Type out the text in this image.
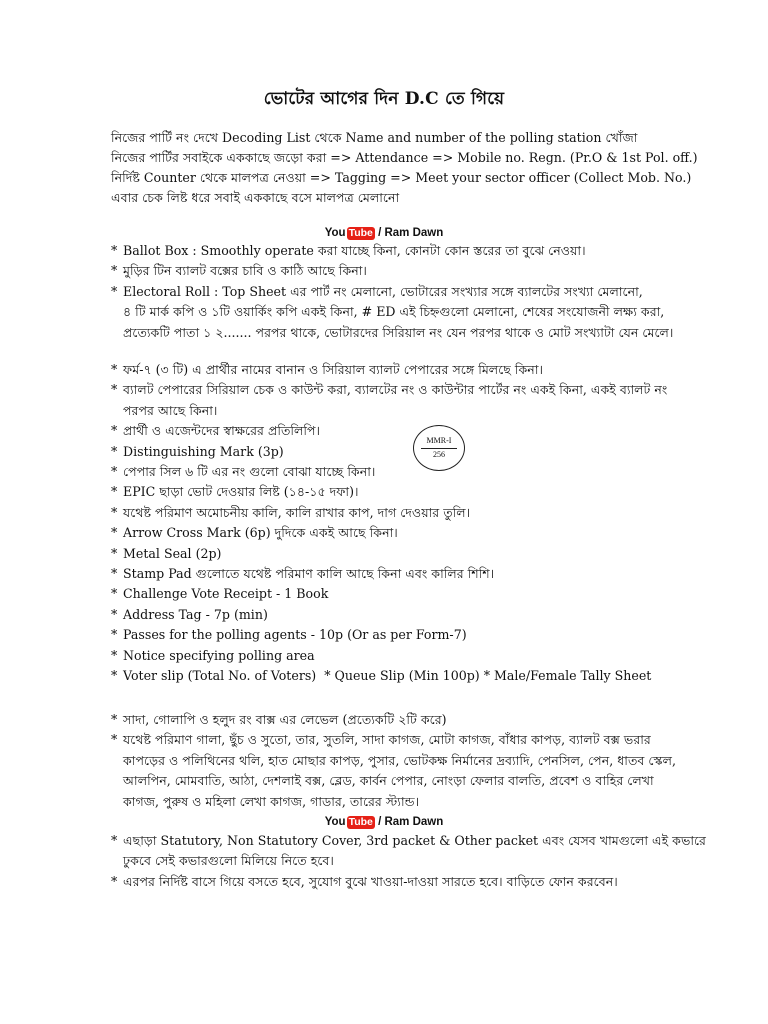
ভোটের আগের দিন D.C তে গিয়ে
নিজের পার্টি নং দেখে Decoding List থেকে Name and number of the polling station খোঁজা
নিজের পার্টির সবাইকে এককাছে জড়ো করা => Attendance => Mobile no. Regn. (Pr.O & 1st Pol. off.)
নির্দিষ্ট Counter থেকে মালপত্র নেওয়া => Tagging => Meet your sector officer (Collect Mob. No.)
এবার চেক লিষ্ট ধরে সবাই এককাছে বসে মালপত্র মেলানো
You Tube / Ram Dawn
* Ballot Box : Smoothly operate করা যাচ্ছে কিনা, কোনটা কোন স্তরের তা বুঝে নেওয়া।
* মুড়ির টিন ব্যালট বক্সের চাবি ও কাঠি আছে কিনা।
* Electoral Roll : Top Sheet এর পার্ট নং মেলানো, ভোটারের সংখ্যার সঙ্গে ব্যালটের সংখ্যা মেলানো,
৪ টি মার্ক কপি ও ১টি ওয়ার্কিং কপি একই কিনা, # ED এই চিহ্নগুলো মেলানো, শেষের সংযোজনী লক্ষ্য করা,
প্রত্যেকটি পাতা ১ ২....... পরপর থাকে, ভোটারদের সিরিয়াল নং যেন পরপর থাকে ও মোট সংখ্যাটা যেন মেলে।
* ফর্ম-৭ (৩ টি) এ প্রার্থীর নামের বানান ও সিরিয়াল ব্যালট পেপারের সঙ্গে মিলছে কিনা।
* ব্যালট পেপারের সিরিয়াল চেক ও কাউন্ট করা, ব্যালটের নং ও কাউন্টার পার্টের নং একই কিনা, একই ব্যালট নং
পরপর আছে কিনা।
* প্রার্থী ও এজেন্টদের স্বাক্ষরের প্রতিলিপি।
* Distinguishing Mark (3p)
* পেপার সিল ৬ টি এর নং গুলো বোঝা যাচ্ছে কিনা।
* EPIC ছাড়া ভোট দেওয়ার লিষ্ট (১৪-১৫ দফা)।
* যথেষ্ট পরিমাণ অমোচনীয় কালি, কালি রাখার কাপ, দাগ দেওয়ার তুলি।
* Arrow Cross Mark (6p) দুদিকে একই আছে কিনা।
* Metal Seal (2p)
* Stamp Pad গুলোতে যথেষ্ট পরিমাণ কালি আছে কিনা এবং কালির শিশি।
* Challenge Vote Receipt - 1 Book
* Address Tag - 7p (min)
* Passes for the polling agents - 10p (Or as per Form-7)
* Notice specifying polling area
* Voter slip (Total No. of Voters)  * Queue Slip (Min 100p) * Male/Female Tally Sheet
MMR-I
256
* সাদা, গোলাপি ও হলুদ রং বাক্স এর লেভেল (প্রত্যেকটি ২টি করে)
* যথেষ্ট পরিমাণ গালা, ছুঁচ ও সুতো, তার, সুতলি, সাদা কাগজ, মোটা কাগজ, বাঁধার কাপড়, ব্যালট বক্স ভরার
কাপড়ের ও পলিথিনের থলি, হাত মোছার কাপড়, পুসার, ভোটকক্ষ নির্মানের দ্রব্যাদি, পেনসিল, পেন, ধাতব স্কেল,
আলপিন, মোমবাতি, আঠা, দেশলাই বক্স, ব্লেড, কার্বন পেপার, নোংড়া ফেলার বালতি, প্রবেশ ও বাহির লেখা
কাগজ, পুরুষ ও মহিলা লেখা কাগজ, গাডার, তারের স্ট্যান্ড।
You Tube / Ram Dawn
* এছাড়া Statutory, Non Statutory Cover, 3rd packet & Other packet এবং যেসব খামগুলো এই কভারে
ঢুকবে সেই কভারগুলো মিলিয়ে নিতে হবে।
* এরপর নির্দিষ্ট বাসে গিয়ে বসতে হবে, সুযোগ বুঝে খাওয়া-দাওয়া সারতে হবে। বাড়িতে ফোন করবেন।
